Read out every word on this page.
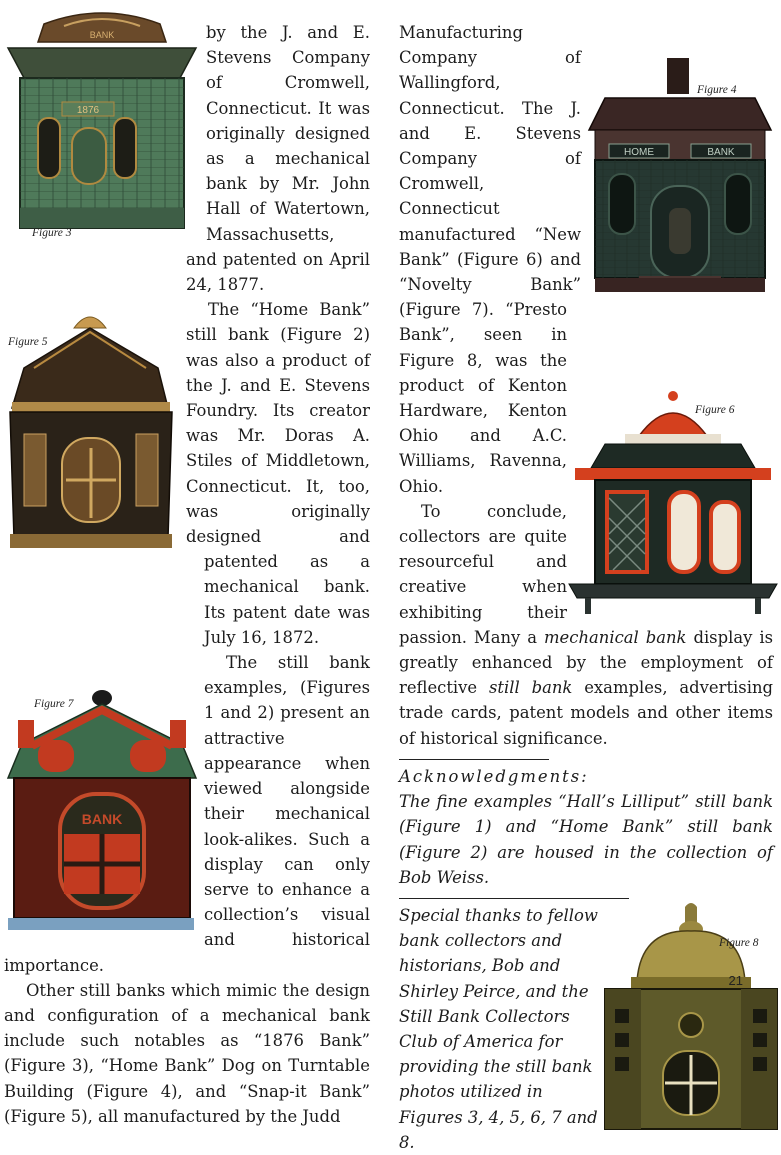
BANK
1876
Figure 3
Figure 5
BANK
Figure 7

by the J. and E. Stevens Company of Cromwell, Connecticut. It was originally designed as a mechanical bank by Mr. John Hall of Watertown, Massachusetts, and patented on April 24, 1877.

The “Home Bank” still bank (Figure 2) was also a product of the J. and E. Stevens Foundry. Its creator was Mr. Doras A. Stiles of Middletown, Connecticut. It, too, was originally designed and patented as a mechanical bank. Its patent date was July 16, 1872.

The still bank examples, (Figures 1 and 2) present an attractive appearance when viewed alongside their mechanical look-alikes. Such a display can only serve to enhance a collection’s visual and historical importance.

Other still banks which mimic the design and configuration of a mechanical bank include such notables as “1876 Bank” (Figure 3), “Home Bank” Dog on Turntable Building (Figure 4), and “Snap-it Bank” (Figure 5), all manufactured by the Judd

HOME	BANK
Figure 4
Figure 6

Manufacturing Company of Wallingford, Connecticut. The J. and E. Stevens Company of Cromwell, Connecticut manufactured “New Bank” (Figure 6) and “Novelty Bank” (Figure 7). “Presto Bank”, seen in Figure 8, was the product of Kenton Hardware, Kenton Ohio and A.C. Williams, Ravenna, Ohio.

To conclude, collectors are quite resourceful and creative when exhibiting their passion. Many a mechanical bank display is greatly enhanced by the employment of reflective still bank examples, advertising trade cards, patent models and other items of historical significance.

Acknowledgments:

The fine examples “Hall’s Lilliput” still bank (Figure 1) and “Home Bank” still bank (Figure 2) are housed in the collection of Bob Weiss.

Figure 8

Special thanks to fellow bank collectors and historians, Bob and Shirley Peirce, and the Still Bank Collectors Club of America for providing the still bank photos utilized in Figures 3, 4, 5, 6, 7 and 8.

21
